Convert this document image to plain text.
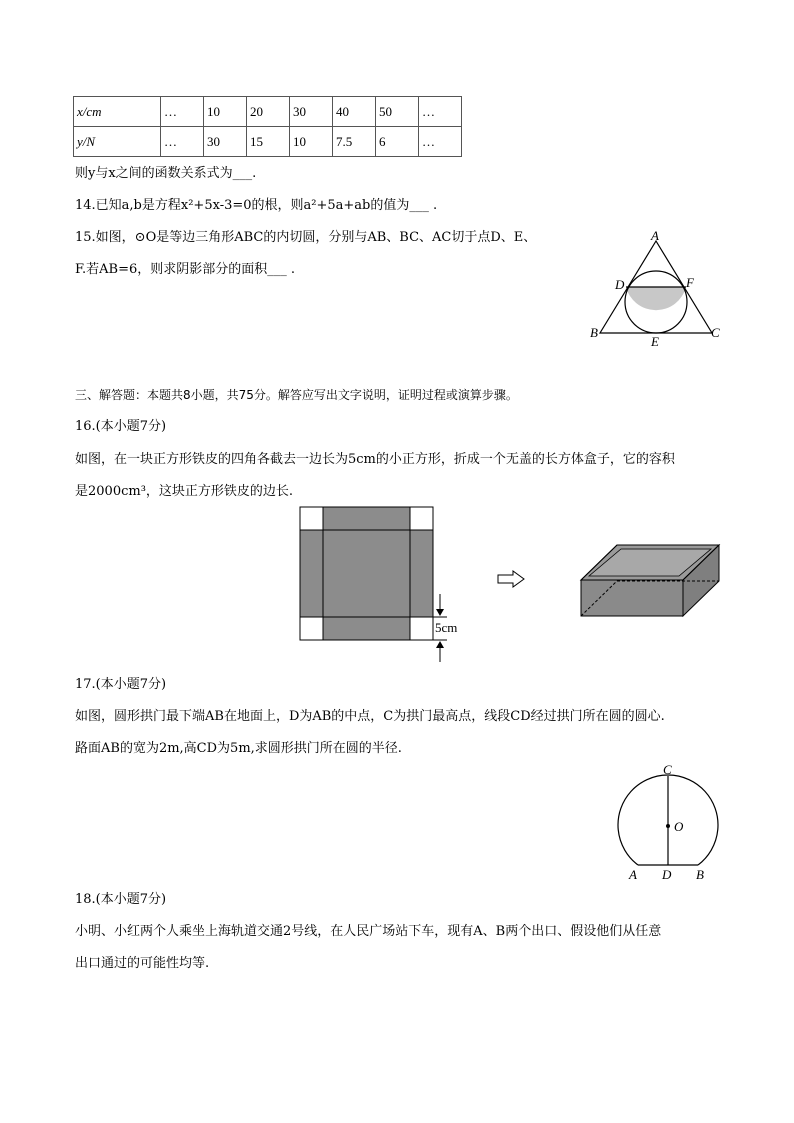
x/cm	…	10	20	30	40	50	…
y/N	…	30	15	10	7.5	6	…
则y与x之间的函数关系式为___.
14.已知a,b是方程x²+5x-3=0的根，则a²+5a+ab的值为___ .
15.如图，⊙O是等边三角形ABC的内切圆，分别与AB、BC、AC切于点D、E、
F.若AB=6，则求阴影部分的面积___ .
A
B	C
D
E
F
三、解答题：本题共8小题，共75分。解答应写出文字说明，证明过程或演算步骤。
16.(本小题7分)
如图，在一块正方形铁皮的四角各截去一边长为5cm的小正方形，折成一个无盖的长方体盒子，它的容积
是2000cm³，这块正方形铁皮的边长.
5cm
17.(本小题7分)
如图，圆形拱门最下端AB在地面上，D为AB的中点，C为拱门最高点，线段CD经过拱门所在圆的圆心.
路面AB的宽为2m,高CD为5m,求圆形拱门所在圆的半径.
C
O
A D B
18.(本小题7分)
小明、小红两个人乘坐上海轨道交通2号线，在人民广场站下车，现有A、B两个出口、假设他们从任意
出口通过的可能性均等.
